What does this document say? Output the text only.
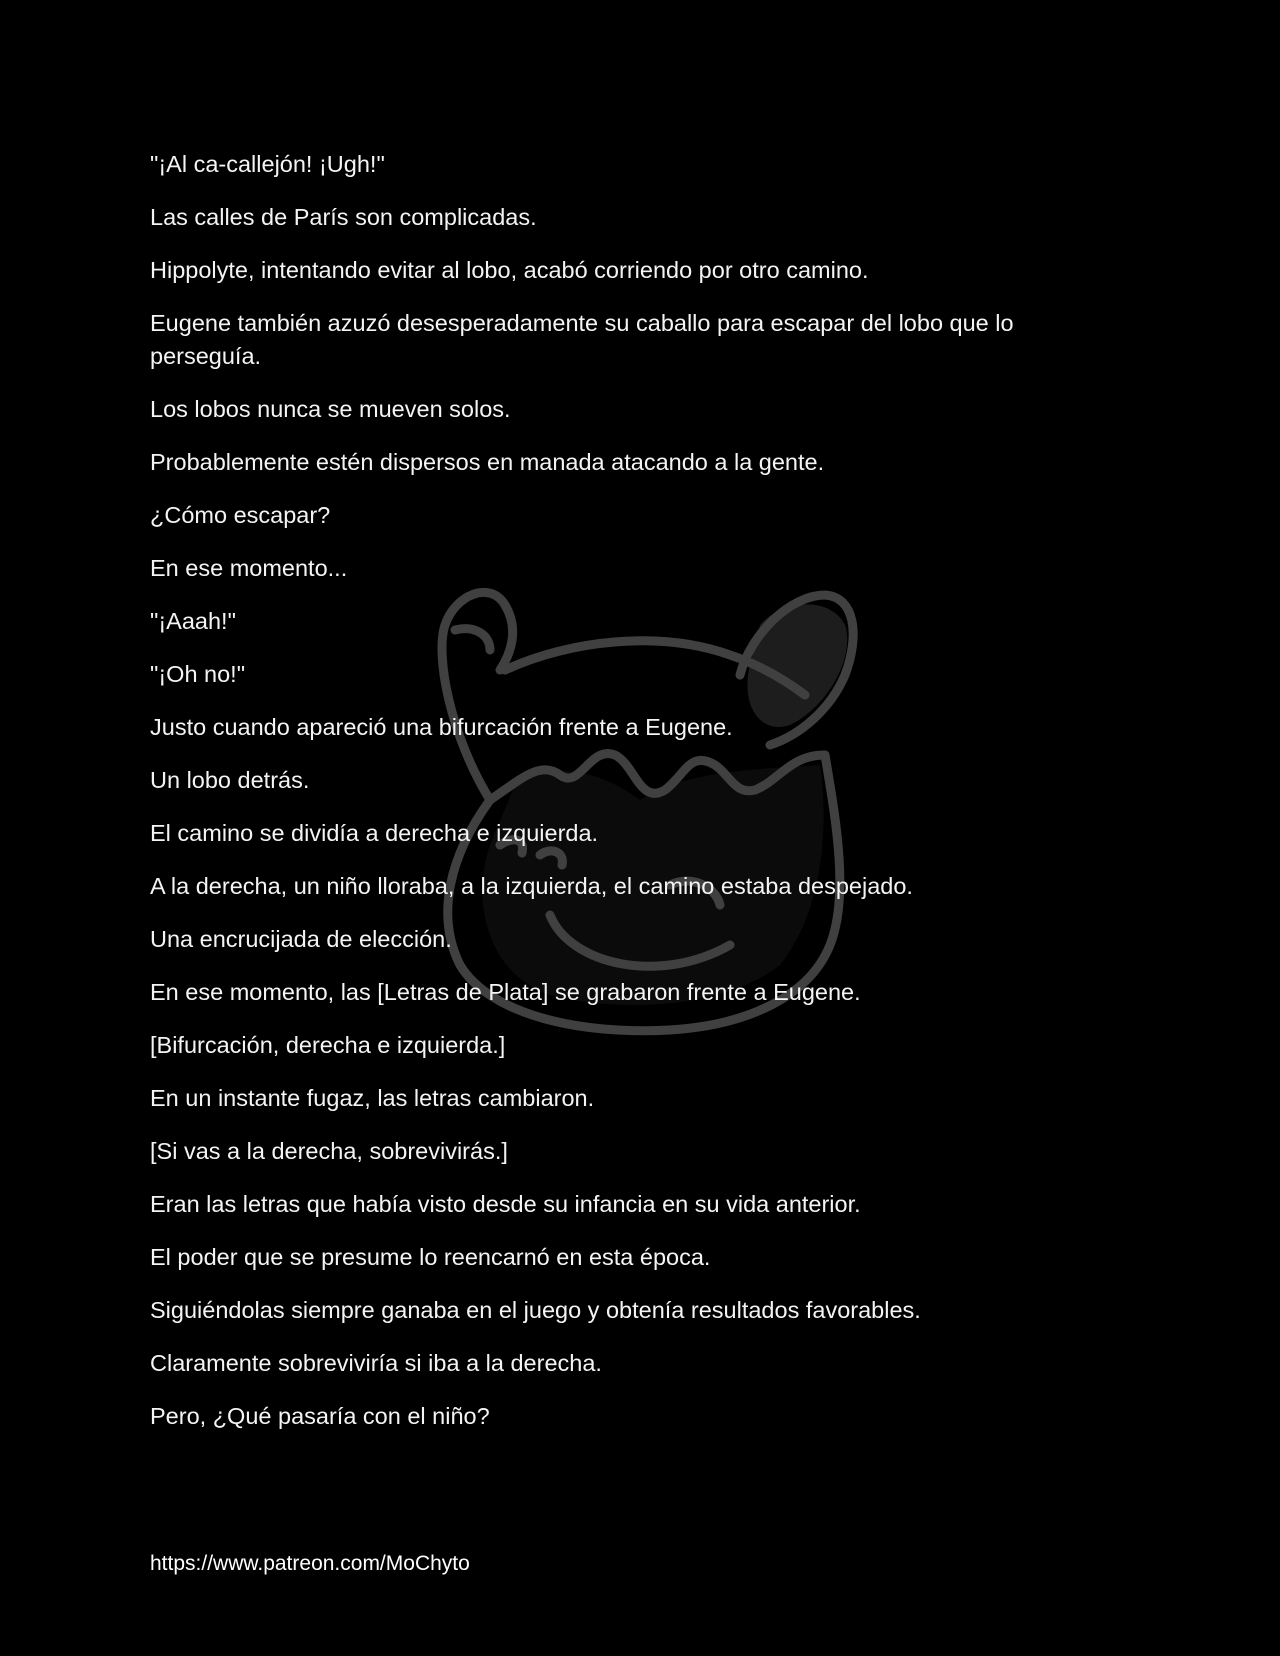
"¡Al ca-callejón! ¡Ugh!"

Las calles de París son complicadas.

Hippolyte, intentando evitar al lobo, acabó corriendo por otro camino.

Eugene también azuzó desesperadamente su caballo para escapar del lobo que lo perseguía.

Los lobos nunca se mueven solos.

Probablemente estén dispersos en manada atacando a la gente.

¿Cómo escapar?

En ese momento...

"¡Aaah!"

"¡Oh no!"

Justo cuando apareció una bifurcación frente a Eugene.

Un lobo detrás.

El camino se dividía a derecha e izquierda.

A la derecha, un niño lloraba, a la izquierda, el camino estaba despejado.

Una encrucijada de elección.

En ese momento, las [Letras de Plata] se grabaron frente a Eugene.

[Bifurcación, derecha e izquierda.]

En un instante fugaz, las letras cambiaron.

[Si vas a la derecha, sobrevivirás.]

Eran las letras que había visto desde su infancia en su vida anterior.

El poder que se presume lo reencarnó en esta época.

Siguiéndolas siempre ganaba en el juego y obtenía resultados favorables.

Claramente sobreviviría si iba a la derecha.

Pero, ¿Qué pasaría con el niño?

https://www.patreon.com/MoChyto
